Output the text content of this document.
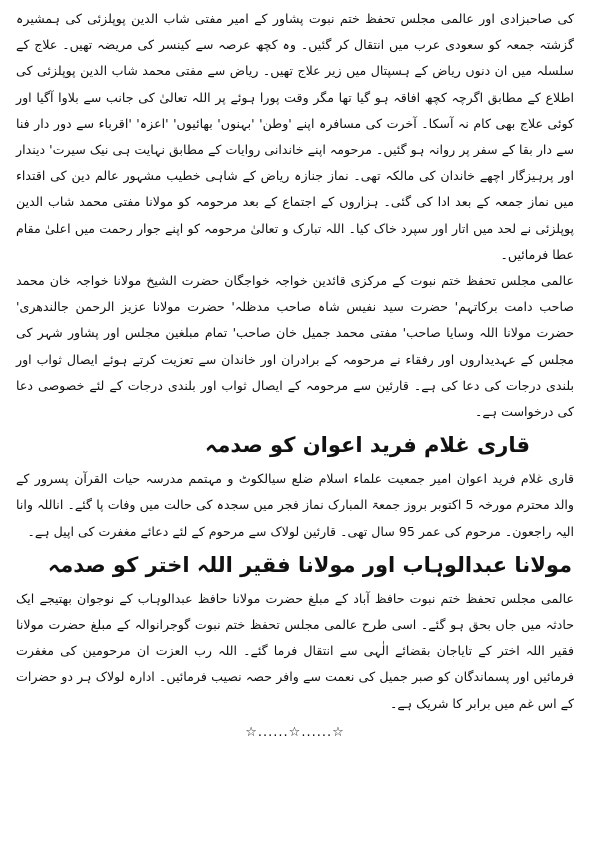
کی صاحبزادی اور عالمی مجلس تحفظ ختم نبوت پشاور کے امیر مفتی شاب الدین پوپلزئی کی ہمشیرہ گزشتہ جمعہ کو سعودی عرب میں انتقال کر گئیں۔ وہ کچھ عرصہ سے کینسر کی مریضہ تھیں۔ علاج کے سلسلہ میں ان دنوں ریاض کے ہسپتال میں زیر علاج تھیں۔ ریاض سے مفتی محمد شاب الدین پوپلزئی کی اطلاع کے مطابق اگرچہ کچھ افاقہ ہو گیا تھا مگر وقت پورا ہوئے پر اللہ تعالیٰ کی جانب سے بلاوا آگیا اور کوئی علاج بھی کام نہ آسکا۔ آخرت کی مسافرہ اپنے 'وطن' 'بہنوں' بھائیوں' 'اعزہ' 'اقرباء سے دور دار فنا سے دار بقا کے سفر پر روانہ ہو گئیں۔ مرحومہ اپنے خاندانی روایات کے مطابق نہایت ہی نیک سیرت' دیندار اور پرہیزگار اچھے خاندان کی مالکہ تھی۔ نماز جنازہ ریاض کے شاہی خطیب مشہور عالم دین کی اقتداء میں نماز جمعہ کے بعد ادا کی گئی۔ ہزاروں کے اجتماع کے بعد مرحومہ کو مولانا مفتی محمد شاب الدین پوپلزئی نے لحد میں اتار اور سپرد خاک کیا۔ اللہ تبارک و تعالیٰ مرحومہ کو اپنے جوار رحمت میں اعلیٰ مقام عطا فرمائیں۔

عالمی مجلس تحفظ ختم نبوت کے مرکزی قائدین خواجہ خواجگان حضرت الشیخ مولانا خواجہ خان محمد صاحب دامت برکاتہم' حضرت سید نفیس شاہ صاحب مدظلہ' حضرت مولانا عزیز الرحمن جالندھری' حضرت مولانا اللہ وسایا صاحب' مفتی محمد جمیل خان صاحب' تمام مبلغین مجلس اور پشاور شہر کی مجلس کے عہدیداروں اور رفقاء نے مرحومہ کے برادران اور خاندان سے تعزیت کرتے ہوئے ایصال ثواب اور بلندی درجات کی دعا کی ہے۔ قارئین سے مرحومہ کے ایصال ثواب اور بلندی درجات کے لئے خصوصی دعا کی درخواست ہے۔

قاری غلام فرید اعوان کو صدمہ

قاری غلام فرید اعوان امیر جمعیت علماء اسلام ضلع سیالکوٹ و مہتمم مدرسہ حیات القرآن پسرور کے والد محترم مورخہ 5 اکتوبر بروز جمعۃ المبارک نماز فجر میں سجدہ کی حالت میں وفات پا گئے۔ اناللہ وانا الیہ راجعون۔ مرحوم کی عمر 95 سال تھی۔ قارئین لولاک سے مرحوم کے لئے دعائے مغفرت کی اپیل ہے۔

مولانا عبدالوہاب اور مولانا فقیر اللہ اختر کو صدمہ

عالمی مجلس تحفظ ختم نبوت حافظ آباد کے مبلغ حضرت مولانا حافظ عبدالوہاب کے نوجوان بھتیجے ایک حادثہ میں جاں بحق ہو گئے۔ اسی طرح عالمی مجلس تحفظ ختم نبوت گوجرانوالہ کے مبلغ حضرت مولانا فقیر اللہ اختر کے تایاجان بقضائے الٰہی سے انتقال فرما گئے۔ اللہ رب العزت ان مرحومین کی مغفرت فرمائیں اور پسماندگان کو صبر جمیل کی نعمت سے وافر حصہ نصیب فرمائیں۔ ادارہ لولاک ہر دو حضرات کے اس غم میں برابر کا شریک ہے۔

☆......☆......☆
